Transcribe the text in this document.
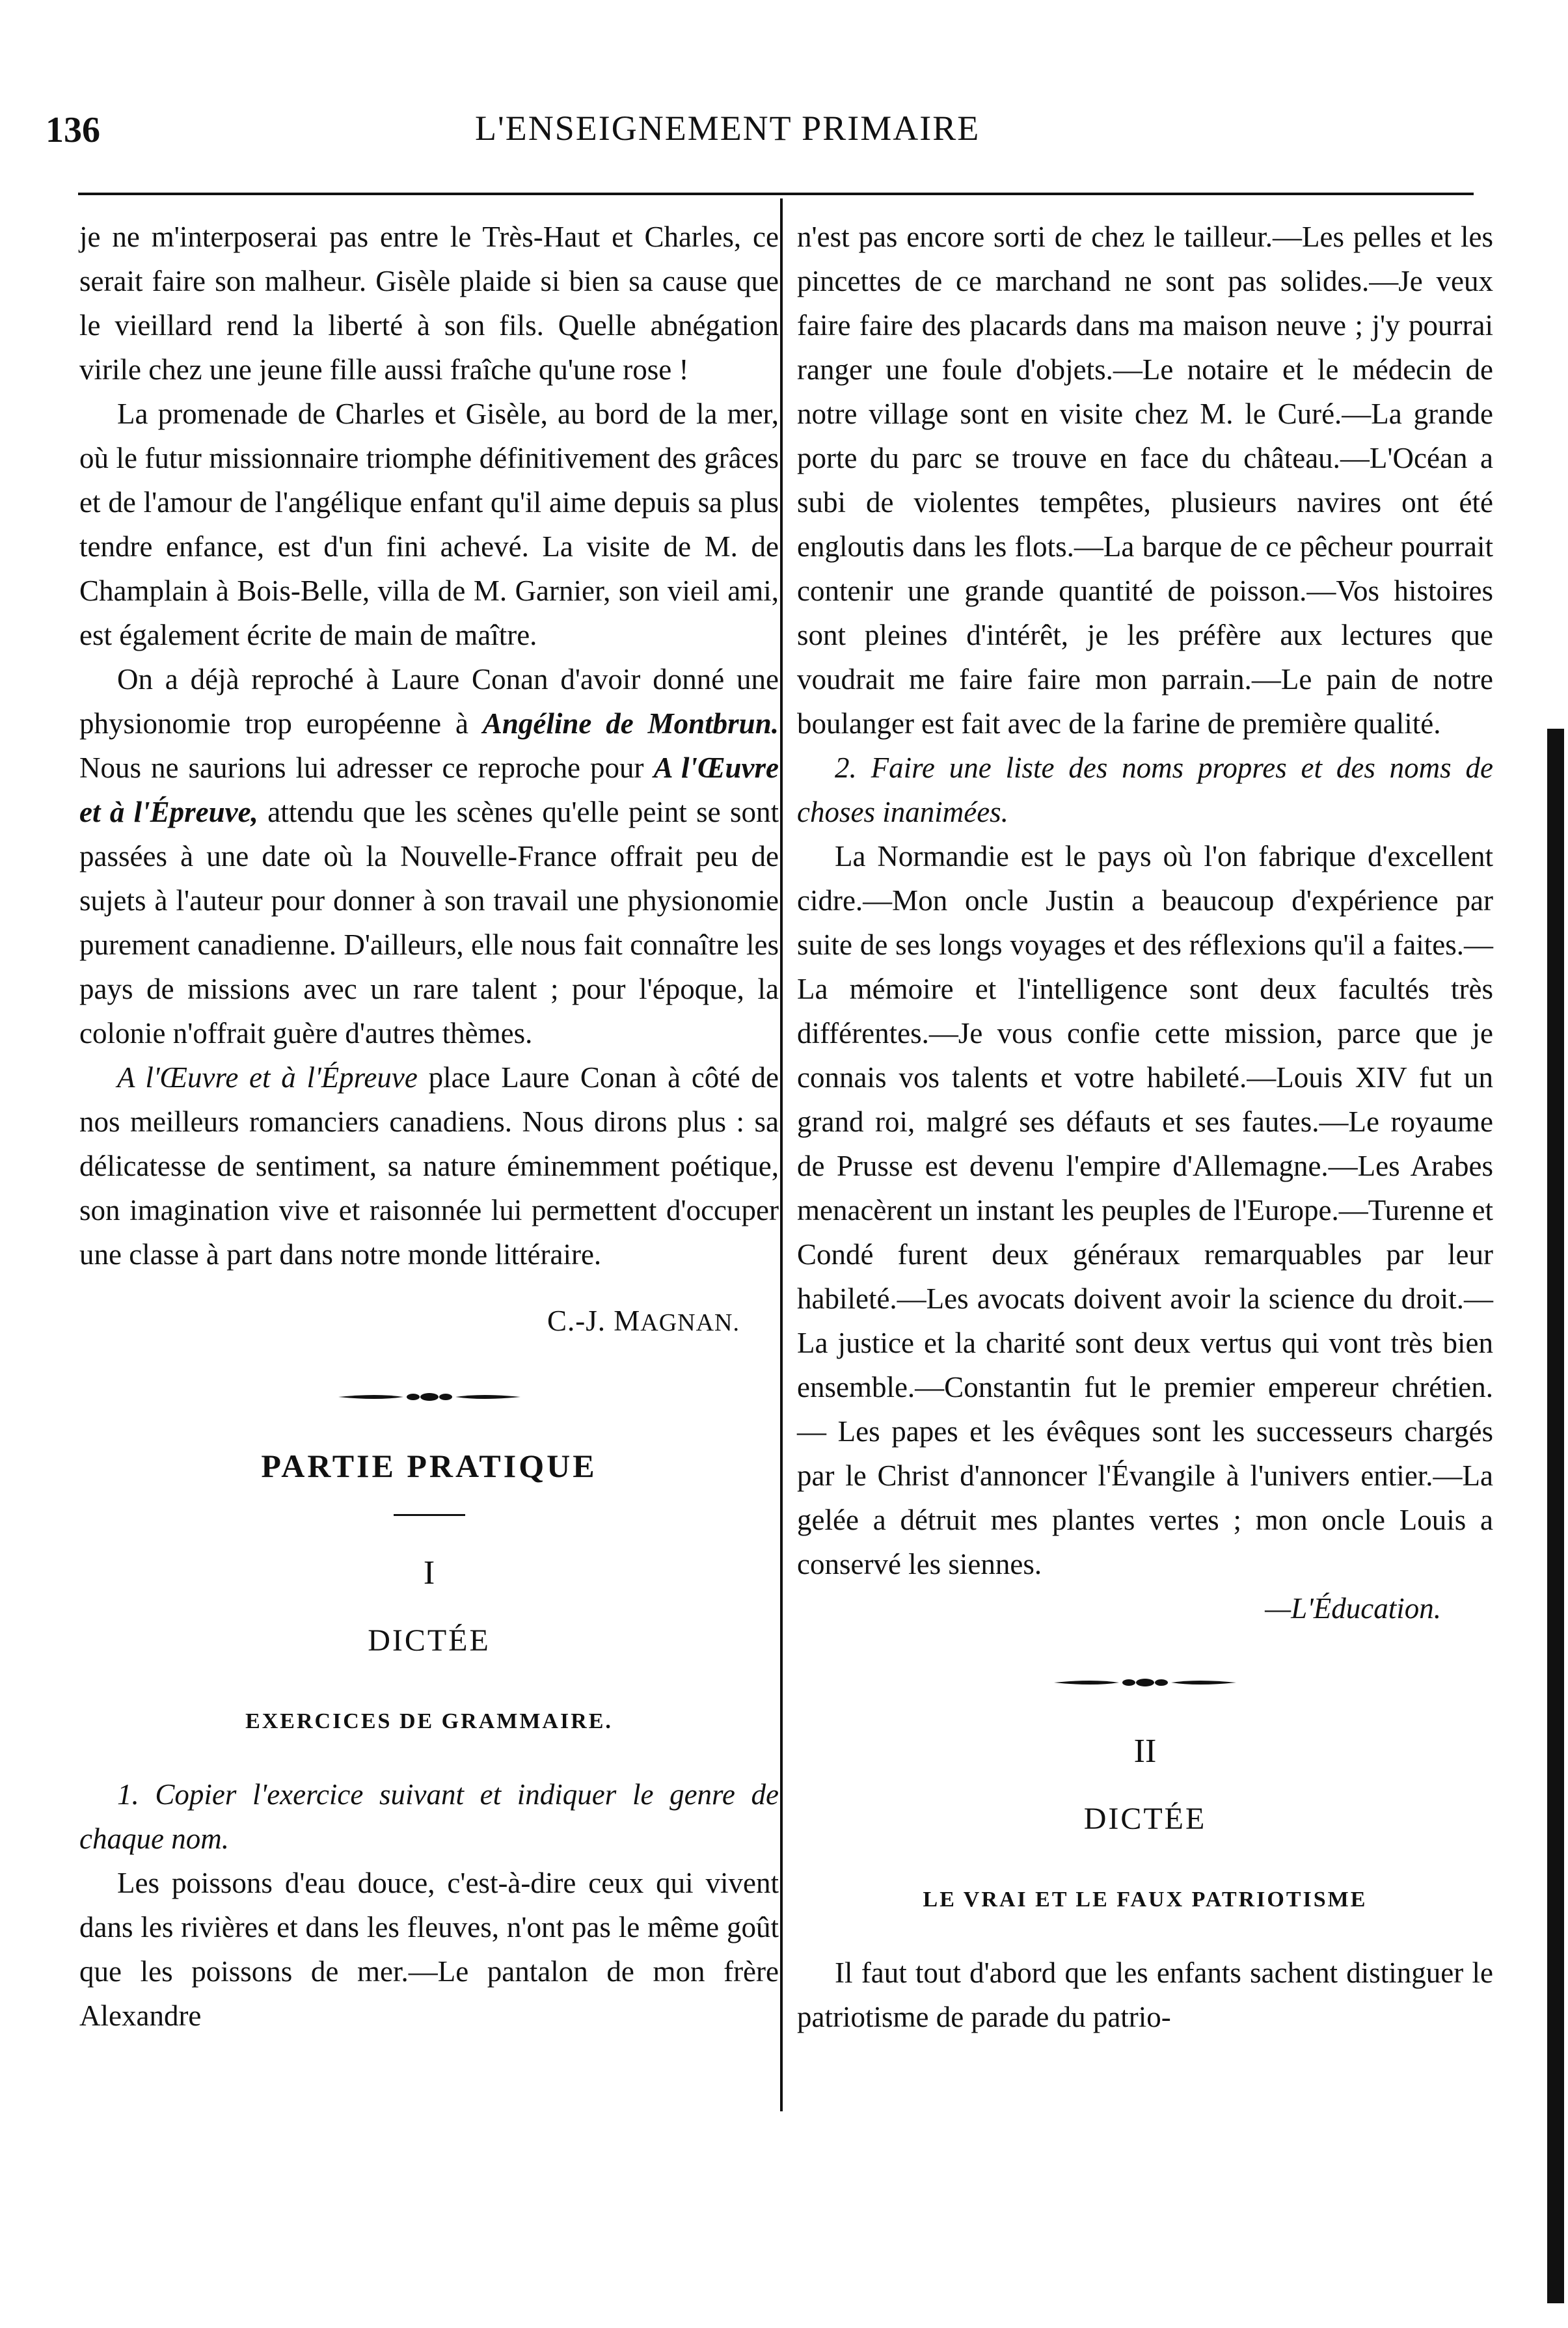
136	L'ENSEIGNEMENT PRIMAIRE

je ne m'interposerai pas entre le Très-Haut et Charles, ce serait faire son malheur. Gisèle plaide si bien sa cause que le vieillard rend la liberté à son fils. Quelle abnégation virile chez une jeune fille aussi fraîche qu'une rose !

La promenade de Charles et Gisèle, au bord de la mer, où le futur missionnaire triomphe définitivement des grâces et de l'amour de l'angélique enfant qu'il aime depuis sa plus tendre enfance, est d'un fini achevé. La visite de M. de Champlain à Bois-Belle, villa de M. Garnier, son vieil ami, est également écrite de main de maître.

On a déjà reproché à Laure Conan d'avoir donné une physionomie trop européenne à Angéline de Montbrun. Nous ne saurions lui adresser ce reproche pour A l'Œuvre et à l'Épreuve, attendu que les scènes qu'elle peint se sont passées à une date où la Nouvelle-France offrait peu de sujets à l'auteur pour donner à son travail une physionomie purement canadienne. D'ailleurs, elle nous fait connaître les pays de missions avec un rare talent ; pour l'époque, la colonie n'offrait guère d'autres thèmes.

A l'Œuvre et à l'Épreuve place Laure Conan à côté de nos meilleurs romanciers canadiens. Nous dirons plus : sa délicatesse de sentiment, sa nature éminemment poétique, son imagination vive et raisonnée lui permettent d'occuper une classe à part dans notre monde littéraire.

C.-J. MAGNAN.
PARTIE PRATIQUE
I
DICTÉE
EXERCICES DE GRAMMAIRE.

1. Copier l'exercice suivant et indiquer le genre de chaque nom.

Les poissons d'eau douce, c'est-à-dire ceux qui vivent dans les rivières et dans les fleuves, n'ont pas le même goût que les poissons de mer.—Le pantalon de mon frère Alexandre

n'est pas encore sorti de chez le tailleur.—Les pelles et les pincettes de ce marchand ne sont pas solides.—Je veux faire faire des placards dans ma maison neuve ; j'y pourrai ranger une foule d'objets.—Le notaire et le médecin de notre village sont en visite chez M. le Curé.—La grande porte du parc se trouve en face du château.—L'Océan a subi de violentes tempêtes, plusieurs navires ont été engloutis dans les flots.—La barque de ce pêcheur pourrait contenir une grande quantité de poisson.—Vos histoires sont pleines d'intérêt, je les préfère aux lectures que voudrait me faire faire mon parrain.—Le pain de notre boulanger est fait avec de la farine de première qualité.

2. Faire une liste des noms propres et des noms de choses inanimées.

La Normandie est le pays où l'on fabrique d'excellent cidre.—Mon oncle Justin a beaucoup d'expérience par suite de ses longs voyages et des réflexions qu'il a faites.—La mémoire et l'intelligence sont deux facultés très différentes.—Je vous confie cette mission, parce que je connais vos talents et votre habileté.—Louis XIV fut un grand roi, malgré ses défauts et ses fautes.—Le royaume de Prusse est devenu l'empire d'Allemagne.—Les Arabes menacèrent un instant les peuples de l'Europe.—Turenne et Condé furent deux généraux remarquables par leur habileté.—Les avocats doivent avoir la science du droit.—La justice et la charité sont deux vertus qui vont très bien ensemble.—Constantin fut le premier empereur chrétien.— Les papes et les évêques sont les successeurs chargés par le Christ d'annoncer l'Évangile à l'univers entier.—La gelée a détruit mes plantes vertes ; mon oncle Louis a conservé les siennes.

—L'Éducation.
II
DICTÉE
LE VRAI ET LE FAUX PATRIOTISME

Il faut tout d'abord que les enfants sachent distinguer le patriotisme de parade du patrio-
